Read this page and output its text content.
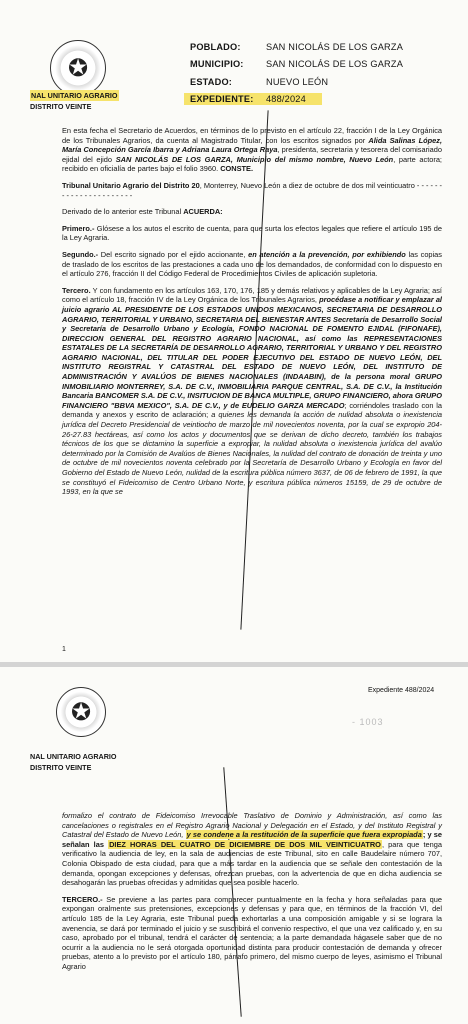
✪
NAL UNITARIO AGRARIO
DISTRITO VEINTE
POBLADO:	SAN NICOLÁS DE LOS GARZA
MUNICIPIO: SAN NICOLÁS DE LOS GARZA
ESTADO:	NUEVO LEÓN
EXPEDIENTE: 488/2024

En esta fecha el Secretario de Acuerdos, en términos de lo previsto en el artículo 22, fracción I de la Ley Orgánica de los Tribunales Agrarios, da cuenta al Magistrado Titular, con los escritos signados por Alida Salinas López, María Concepción García Ibarra y Adriana Laura Ortega Raya, presidenta, secretaria y tesorera del comisariado ejidal del ejido SAN NICOLÁS DE LOS GARZA, Municipio del mismo nombre, Nuevo León, parte actora; recibido en oficialía de partes bajo el folio 3960. CONSTE.

Tribunal Unitario Agrario del Distrito 20, Monterrey, Nuevo León a diez de octubre de dos mil veinticuatro - - - - - - - - - - - - - - - - - - - - - -

Derivado de lo anterior este Tribunal ACUERDA:

Primero.- Glósese a los autos el escrito de cuenta, para que surta los efectos legales que refiere el artículo 195 de la Ley Agraria.

Segundo.- Del escrito signado por el ejido accionante, en atención a la prevención, por exhibiendo las copias de traslado de los escritos de las prestaciones a cada uno de los demandados, de conformidad con lo dispuesto en el artículo 276, fracción II del Código Federal de Procedimientos Civiles de aplicación supletoria.

Tercero. Y con fundamento en los artículos 163, 170, 176, 185 y demás relativos y aplicables de la Ley Agraria; así como el artículo 18, fracción IV de la Ley Orgánica de los Tribunales Agrarios, procédase a notificar y emplazar al juicio agrario AL PRESIDENTE DE LOS ESTADOS UNIDOS MEXICANOS, SECRETARIA DE DESARROLLO AGRARIO, TERRITORIAL Y URBANO, SECRETARIA DEL BIENESTAR ANTES Secretaría de Desarrollo Social y Secretaría de Desarrollo Urbano y Ecología, FONDO NACIONAL DE FOMENTO EJIDAL (FIFONAFE), DIRECCION GENERAL DEL REGISTRO AGRARIO NACIONAL, así como las REPRESENTACIONES ESTATALES DE LA SECRETARÍA DE DESARROLLO AGRARIO, TERRITORIAL Y URBANO Y DEL REGISTRO AGRARIO NACIONAL, DEL TITULAR DEL PODER EJECUTIVO DEL ESTADO DE NUEVO LEÓN, DEL INSTITUTO REGISTRAL Y CATASTRAL DEL ESTADO DE NUEVO LEÓN, DEL INSTITUTO DE ADMINISTRACIÓN Y AVALÚOS DE BIENES NACIONALES (INDAABIN), de la persona moral GRUPO INMOBILIARIO MONTERREY, S.A. DE C.V., INMOBILIARIA PARQUE CENTRAL, S.A. DE C.V., la Institución Bancaria BANCOMER S.A. DE C.V., INSITUCION DE BANCA MULTIPLE, GRUPO FINANCIERO, ahora GRUPO FINANCIERO "BBVA MEXICO", S.A. DE C.V., y de EUDELIO GARZA MERCADO; corriéndoles traslado con la demanda y anexos y escrito de aclaración; a quienes les demanda la acción de nulidad absoluta o inexistencia jurídica del Decreto Presidencial de veintiocho de marzo de mil novecientos noventa, por la cual se expropio 204-26-27.83 hectáreas, así como los actos y documentos que se derivan de dicho decreto, también los trabajos técnicos de los que se dictamino la superficie a expropiar, la nulidad absoluta o inexistencia jurídica del avalúo determinado por la Comisión de Avalúos de Bienes Nacionales, la nulidad del contrato de donación de treinta y uno de octubre de mil novecientos noventa celebrado por la Secretaría de Desarrollo Urbano y Ecología en favor del Gobierno del Estado de Nuevo León, nulidad de la escritura pública número 3637, de 06 de febrero de 1991, la que se constituyó el Fideicomiso de Centro Urbano Norte, y escritura pública números 15159, de 29 de octubre de 1993, en la que se

1
✪
NAL UNITARIO AGRARIO
DISTRITO VEINTE
Expediente 488/2024
- 1003

formalizo el contrato de Fideicomiso Irrevocable Traslativo de Dominio y Administración, así como las cancelaciones o registrales en el Registro Agrario Nacional y Delegación en el Estado, y del Instituto Registral y Catastral del Estado de Nuevo León, y se condene a la restitución de la superficie que fuera expropiada; y se señalan las DIEZ HORAS DEL CUATRO DE DICIEMBRE DE DOS MIL VEINTICUATRO, para que tenga verificativo la audiencia de ley, en la sala de audiencias de este Tribunal, sito en calle Baudelaire número 707, Colonia Obispado de esta ciudad, para que a más tardar en la audiencia que se señale den contestación de la demanda, opongan excepciones y defensas, ofrezcan pruebas, con la advertencia de que en dicha audiencia se desahogarán las pruebas ofrecidas y admitidas que sea posible hacerlo.

TERCERO.- Se previene a las partes para comparecer puntualmente en la fecha y hora señaladas para que expongan oralmente sus pretensiones, excepciones y defensas y para que, en términos de la fracción VI, del artículo 185 de la Ley Agraria, este Tribunal pueda exhortarlas a una composición amigable y si se lograra la avenencia, se dará por terminado el juicio y se suscribirá el convenio respectivo, el que una vez calificado y, en su caso, aprobado por el tribunal, tendrá el carácter de sentencia; a la parte demandada hágasele saber que de no ocurrir a la audiencia no le será otorgada oportunidad distinta para producir contestación de demanda y ofrecer pruebas, atento a lo previsto por el artículo 180, párrafo primero, del mismo cuerpo de leyes, asimismo el Tribunal Agrario
